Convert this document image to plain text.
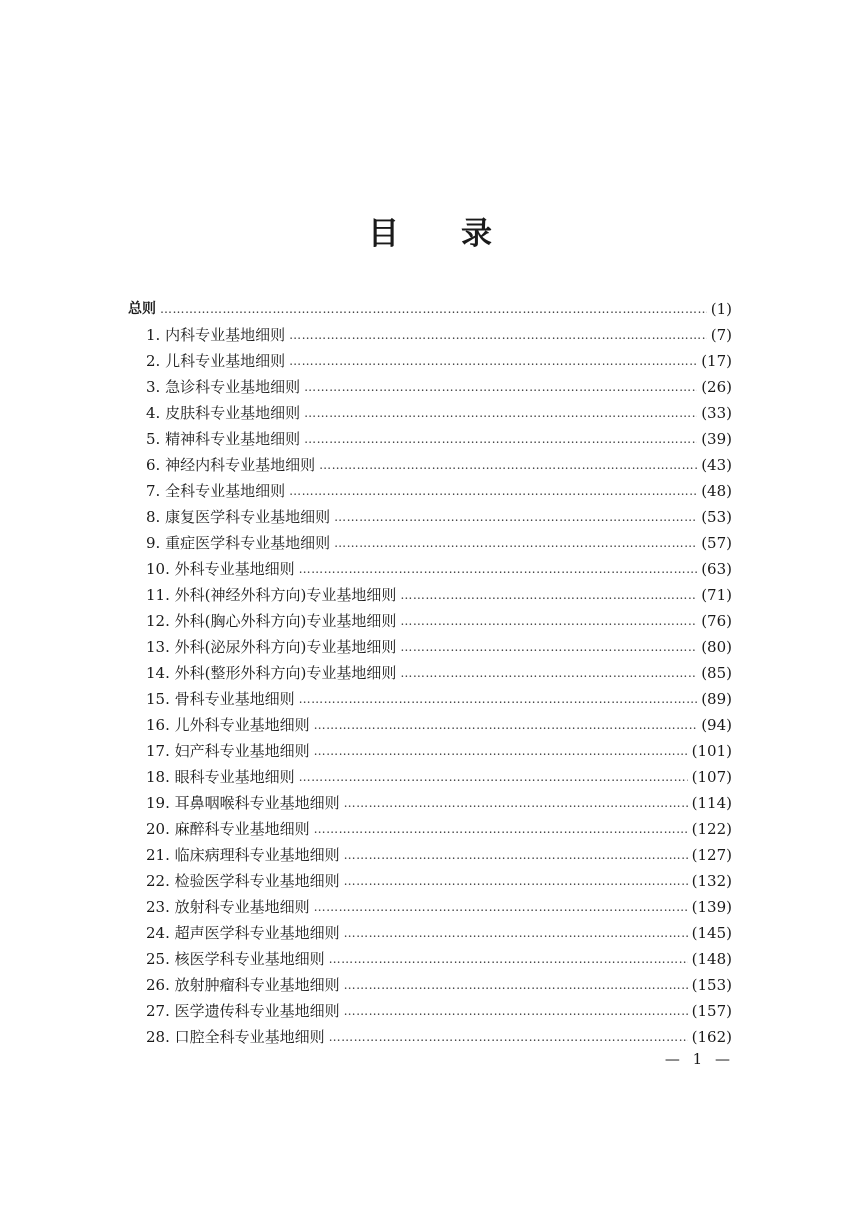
目 录
总则 ………………………………………………………………………………………………………………………………………………………………………………	(1)
1. 内科专业基地细则 ………………………………………………………………………………………………………………………………………………………………………………	(7)
2. 儿科专业基地细则 ………………………………………………………………………………………………………………………………………………………………………………	(17)
3. 急诊科专业基地细则 ………………………………………………………………………………………………………………………………………………………………………………	(26)
4. 皮肤科专业基地细则 ………………………………………………………………………………………………………………………………………………………………………………	(33)
5. 精神科专业基地细则 ………………………………………………………………………………………………………………………………………………………………………………	(39)
6. 神经内科专业基地细则 ………………………………………………………………………………………………………………………………………………………………………………	(43)
7. 全科专业基地细则 ………………………………………………………………………………………………………………………………………………………………………………	(48)
8. 康复医学科专业基地细则 ………………………………………………………………………………………………………………………………………………………………………………	(53)
9. 重症医学科专业基地细则 ………………………………………………………………………………………………………………………………………………………………………………	(57)
10. 外科专业基地细则 ………………………………………………………………………………………………………………………………………………………………………………	(63)
11. 外科(神经外科方向)专业基地细则 ………………………………………………………………………………………………………………………………………………………………………………	(71)
12. 外科(胸心外科方向)专业基地细则 ………………………………………………………………………………………………………………………………………………………………………………	(76)
13. 外科(泌尿外科方向)专业基地细则 ………………………………………………………………………………………………………………………………………………………………………………	(80)
14. 外科(整形外科方向)专业基地细则 ………………………………………………………………………………………………………………………………………………………………………………	(85)
15. 骨科专业基地细则 ………………………………………………………………………………………………………………………………………………………………………………	(89)
16. 儿外科专业基地细则 ………………………………………………………………………………………………………………………………………………………………………………	(94)
17. 妇产科专业基地细则 ………………………………………………………………………………………………………………………………………………………………………………	(101)
18. 眼科专业基地细则 ………………………………………………………………………………………………………………………………………………………………………………	(107)
19. 耳鼻咽喉科专业基地细则 ………………………………………………………………………………………………………………………………………………………………………………	(114)
20. 麻醉科专业基地细则 ………………………………………………………………………………………………………………………………………………………………………………	(122)
21. 临床病理科专业基地细则 ………………………………………………………………………………………………………………………………………………………………………………	(127)
22. 检验医学科专业基地细则 ………………………………………………………………………………………………………………………………………………………………………………	(132)
23. 放射科专业基地细则 ………………………………………………………………………………………………………………………………………………………………………………	(139)
24. 超声医学科专业基地细则 ………………………………………………………………………………………………………………………………………………………………………………	(145)
25. 核医学科专业基地细则 ………………………………………………………………………………………………………………………………………………………………………………	(148)
26. 放射肿瘤科专业基地细则 ………………………………………………………………………………………………………………………………………………………………………………	(153)
27. 医学遗传科专业基地细则 ………………………………………………………………………………………………………………………………………………………………………………	(157)
28. 口腔全科专业基地细则 ………………………………………………………………………………………………………………………………………………………………………………	(162)
— 1 —
